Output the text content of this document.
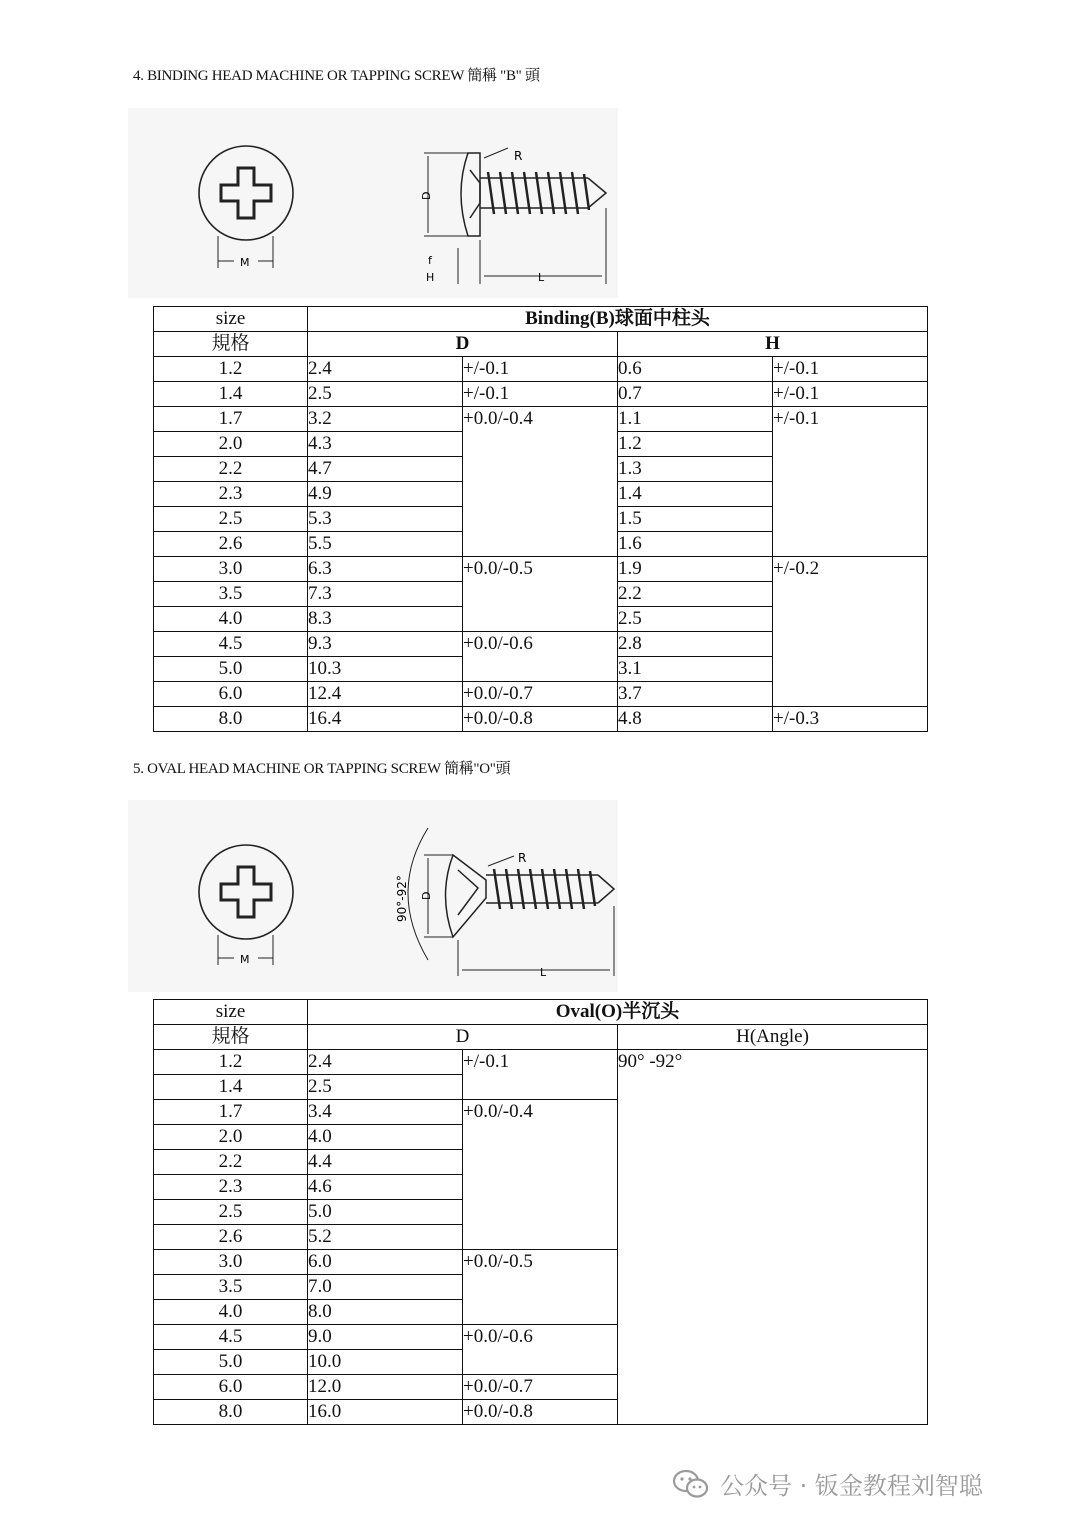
4. BINDING HEAD MACHINE OR TAPPING SCREW 簡稱 "B" 頭
M
D
R
f
H	L
size	Binding(B)球面中柱头			
規格	D		H	
1.2	2.4	+/-0.1	0.6	+/-0.1
1.4	2.5	+/-0.1	0.7	+/-0.1
1.7	3.2	+0.0/-0.4	1.1	+/-0.1
2.0	4.3		1.2	
2.2	4.7		1.3	
2.3	4.9		1.4	
2.5	5.3		1.5	
2.6	5.5		1.6	
3.0	6.3	+0.0/-0.5	1.9	+/-0.2
3.5	7.3		2.2	
4.0	8.3		2.5	
4.5	9.3	+0.0/-0.6	2.8	
5.0	10.3		3.1	
6.0	12.4	+0.0/-0.7	3.7	
8.0	16.4	+0.0/-0.8	4.8	+/-0.3
5. OVAL HEAD MACHINE OR TAPPING SCREW 簡稱"O"頭
M
90°-92° D
R
L
size	Oval(O)半沉头		
規格	D		H(Angle)
1.2	2.4	+/-0.1	90° -92°
1.4	2.5		
1.7	3.4	+0.0/-0.4	
2.0	4.0		
2.2	4.4		
2.3	4.6		
2.5	5.0		
2.6	5.2		
3.0	6.0	+0.0/-0.5	
3.5	7.0		
4.0	8.0		
4.5	9.0	+0.0/-0.6	
5.0	10.0		
6.0	12.0	+0.0/-0.7	
8.0	16.0	+0.0/-0.8	
公众号 · 钣金教程刘智聪
